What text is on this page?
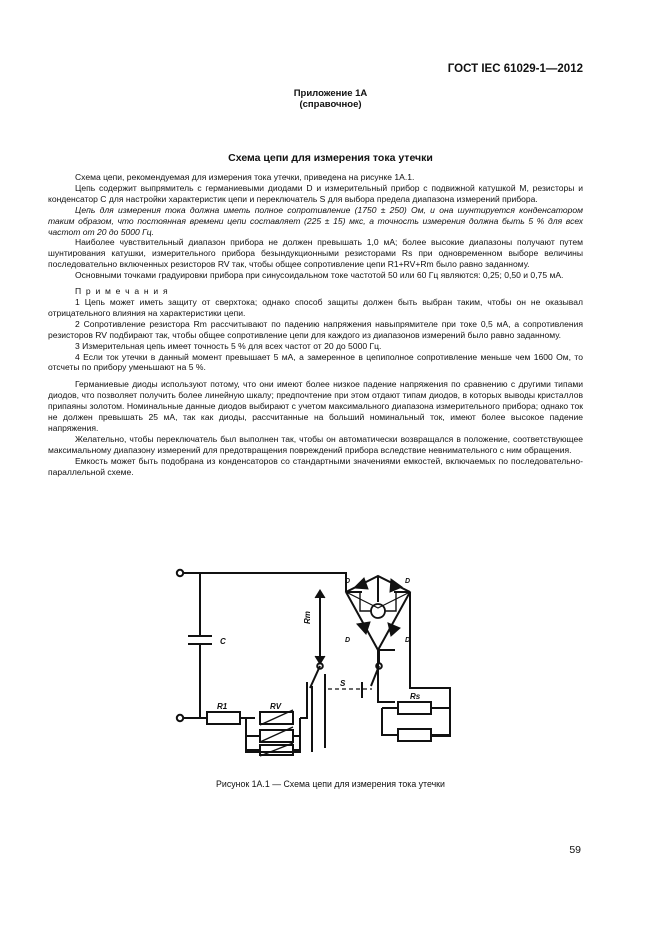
ГОСТ IEC 61029-1—2012
Приложение 1А
(справочное)
Схема цепи для измерения тока утечки

Схема цепи, рекомендуемая для измерения тока утечки, приведена на рисунке 1А.1.

Цепь содержит выпрямитель с германиевыми диодами D и измерительный прибор с подвижной катушкой M, резисторы и конденсатор C для настройки характеристик цепи и переключатель S для выбора предела диапазона измерений прибора.

Цепь для измерения тока должна иметь полное сопротивление (1750 ± 250) Ом, и она шунтируется конденсатором таким образом, что постоянная времени цепи составляет (225 ± 15) мкс, а точность измерения должна быть 5 % для всех частот от 20 до 5000 Гц.

Наиболее чувствительный диапазон прибора не должен превышать 1,0 мА; более высокие диапазоны получают путем шунтирования катушки, измерительного прибора безындукционными резисторами Rs при одновременном выборе величины последовательно включенных резисторов RV так, чтобы общее сопротивление цепи R1+RV+Rm было равно заданному.

Основными точками градуировки прибора при синусоидальном токе частотой 50 или 60 Гц являются: 0,25; 0,50 и 0,75 мА.

П р и м е ч а н и я

1 Цепь может иметь защиту от сверхтока; однако способ защиты должен быть выбран таким, чтобы он не оказывал отрицательного влияния на характеристики цепи.

2 Сопротивление резистора Rm рассчитывают по падению напряжения навыпрямителе при токе 0,5 мА, а сопротивления резисторов RV подбирают так, чтобы общее сопротивление цепи для каждого из диапазонов измерений было равно заданному.

3 Измерительная цепь имеет точность 5 % для всех частот от 20 до 5000 Гц.

4 Если ток утечки в данный момент превышает 5 мА, а замеренное в цепиполное сопротивление меньше чем 1600 Ом, то отсчеты по прибору уменьшают на 5 %.

Германиевые диоды используют потому, что они имеют более низкое падение напряжения по сравнению с другими типами диодов, что позволяет получить более линейную шкалу; предпочтение при этом отдают типам диодов, в которых выводы кристаллов припаяны золотом. Номинальные данные диодов выбирают с учетом максимального диапазона измерительного прибора; однако ток не должен превышать 25 мА, так как диоды, рассчитанные на больший номинальный ток, имеют более высокое падение напряжения.

Желательно, чтобы переключатель был выполнен так, чтобы он автоматически возвращался в положение, соответствующее максимальному диапазону измерений для предотвращения повреждений прибора вследствие невнимательного с ним обращения.

Емкость может быть подобрана из конденсаторов со стандартными значениями емкостей, включаемых по последовательно-параллельной схеме.

C
R1	RV
S
Rm
D	D
D	D
Rs
Рисунок 1А.1 — Схема цепи для измерения тока утечки
59
